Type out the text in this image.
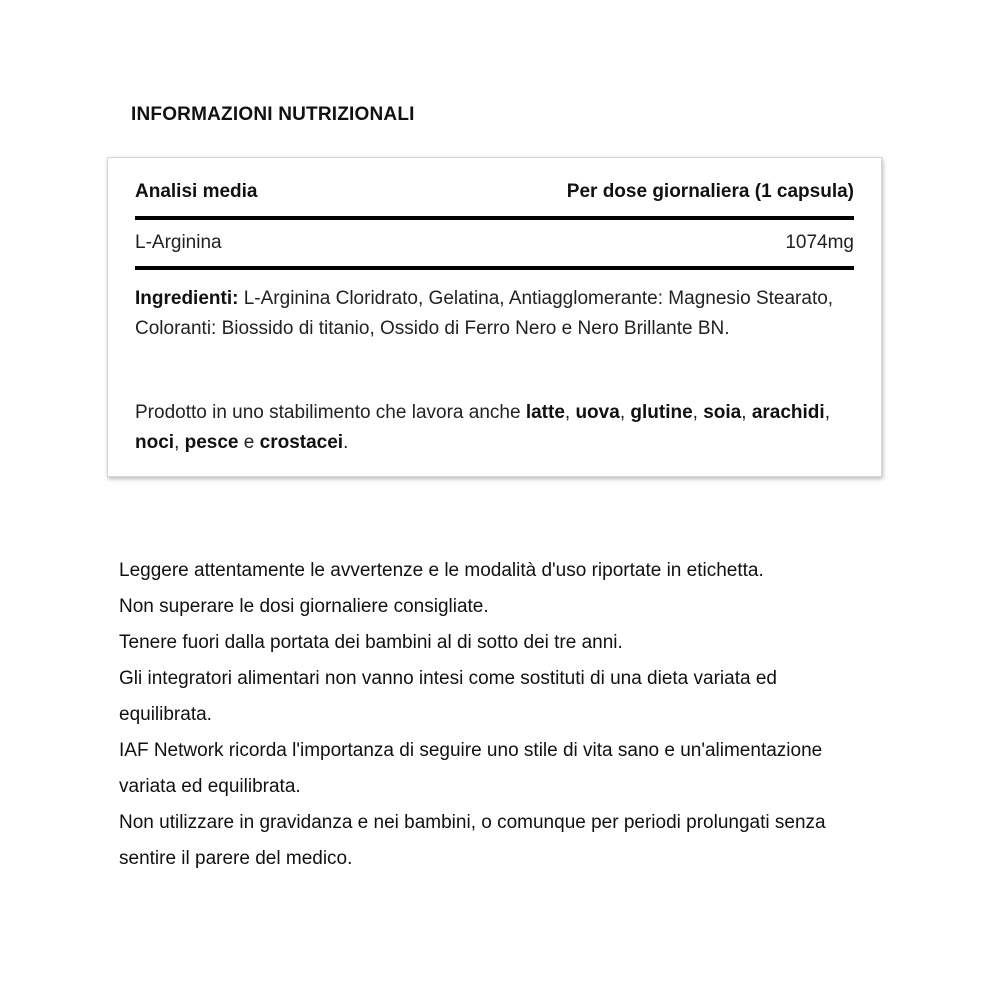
INFORMAZIONI NUTRIZIONALI
Analisi media	Per dose giornaliera (1 capsula)
L-Arginina	1074mg
Ingredienti: L-Arginina Cloridrato, Gelatina, Antiagglomerante: Magnesio Stearato, Coloranti: Biossido di titanio, Ossido di Ferro Nero e Nero Brillante BN.
Prodotto in uno stabilimento che lavora anche latte, uova, glutine, soia, arachidi, noci, pesce e crostacei.

Leggere attentamente le avvertenze e le modalità d'uso riportate in etichetta.

Non superare le dosi giornaliere consigliate.

Tenere fuori dalla portata dei bambini al di sotto dei tre anni.

Gli integratori alimentari non vanno intesi come sostituti di una dieta variata ed equilibrata.

IAF Network ricorda l'importanza di seguire uno stile di vita sano e un'alimentazione variata ed equilibrata.

Non utilizzare in gravidanza e nei bambini, o comunque per periodi prolungati senza sentire il parere del medico.
